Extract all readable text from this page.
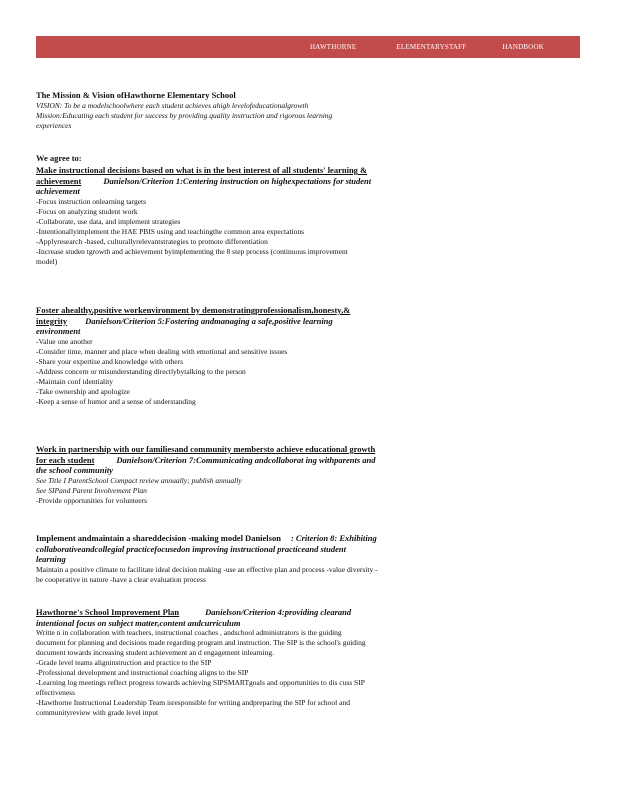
HAWTHORNE	ELEMENTARYSTAFF	HANDBOOK
The Mission & Vision ofHawthorne Elementary School
VISION: To be a modelschoolwhere each student achieves ahigh levelofeducationalgrowth
Mission:Educating each student for success by providing quality instruction and rigorous learning
experiences
We agree to:
Make instructional decisions based on what is in the best interest of all students' learning &
achievement	Danielson/Criterion 1:Centering instruction on highexpectations for student
achievement
-Focus instruction onlearning targets
-Focus on analyzing student work
-Collaborate, use data, and implement strategies
-Intentionallyimplement the HAE PBIS using and teachingthe common area expectations
-Applyresearch -based, culturallyrelevantstrategies to promote differentiation
-Increase studen tgrowth and achievement byimplementing the 8 step process (continuous improvement
model)
Foster ahealthy,positive workenvironment by demonstratingprofessionalism,honesty,&
integrity Danielson/Criterion 5:Fostering andmanaging a safe,positive learning
environment
-Value one another
-Consider time, manner and place when dealing with emotional and sensitive issues
-Share your expertise and knowledge with others
-Address concern or misunderstanding directlybytalking to the person
-Maintain conf identiality
-Take ownership and apologize
-Keep a sense of humor and a sense of understanding
Work in partnership with our familiesand community membersto achieve educational growth
for each student	Danielson/Criterion 7:Communicating andcollaborat ing withparents and
the school community
See Title I ParentSchool Compact review annually; publish annually
See SIPand Parent Involvement Plan
-Provide opportunities for volunteers
Implement andmaintain a shareddecision -making model Danielson : Criterion 8: Exhibiting
collaborativeandcollegial practicefocusedon improving instructional practiceand student
learning
Maintain a positive climate to facilitate ideal decision making -use an effective plan and process -value diversity -
be cooperative in nature -have a clear evaluation process
Hawthorne's School Improvement Plan	Danielson/Criterion 4:providing clearand
intentional focus on subject matter,content andcurriculum
Writte n in collaboration with teachers, instructional coaches , andschool administrators is the guiding
document for planning and decisions made regarding program and instruction. The SIP is the school's guiding
document towards increasing student achievement an d engagement inlearning.
-Grade level teams aligninstruction and practice to the SIP
-Professional development and instructional coaching aligns to the SIP
-Learning log meetings reflect progress towards achieving SIPSMARTgoals and opportunities to dis cuss SIP
effectiveness
-Hawthorne Instructional Leadership Team isresponsible for writing andpreparing the SIP for school and
communityreview with grade level input
